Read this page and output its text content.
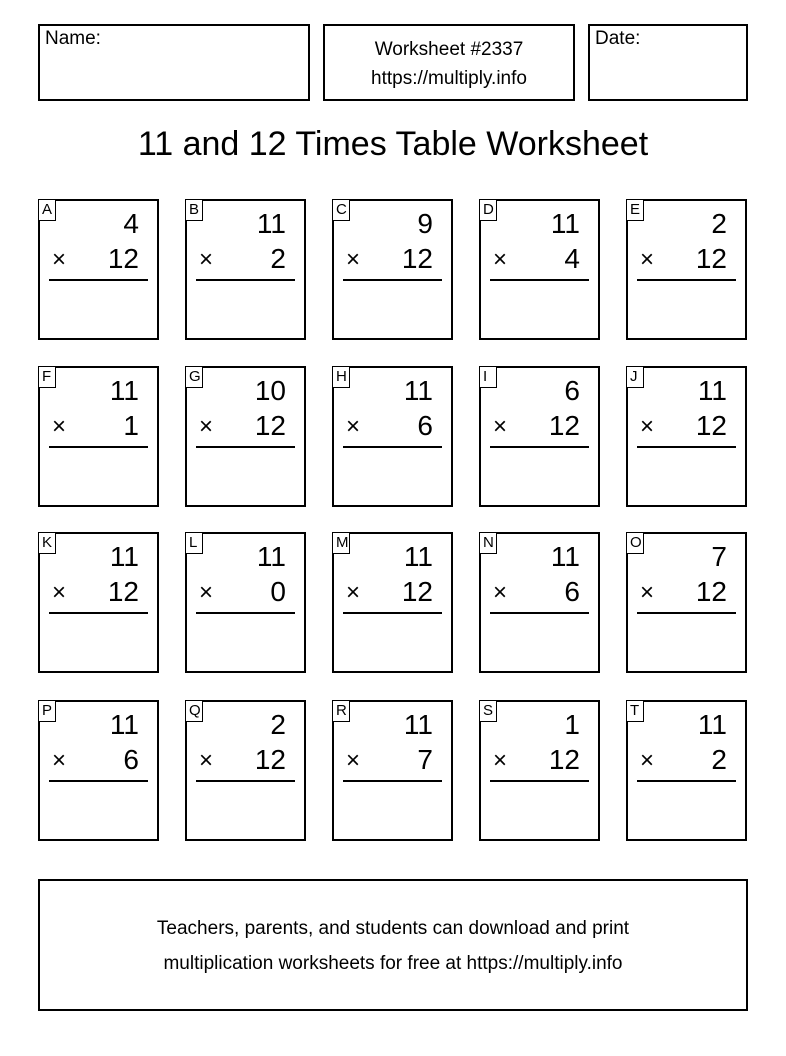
Name:
Worksheet #2337
https://multiply.info
Date:
11 and 12 Times Table Worksheet
A	4
× 12
B 11
× 2
C	9
× 12
D 11
× 4
E	2
× 12
F 11
× 1
G 10
× 12
H 11
× 6
I	6
× 12
J 11
× 12
K 11
× 12
L 11
× 0
M 11
× 12
N 11
× 6
O 7
× 12
P 11
× 6
Q 2
× 12
R 11
× 7
S	1
× 12
T 11
× 2
Teachers, parents, and students can download and print
multiplication worksheets for free at https://multiply.info
